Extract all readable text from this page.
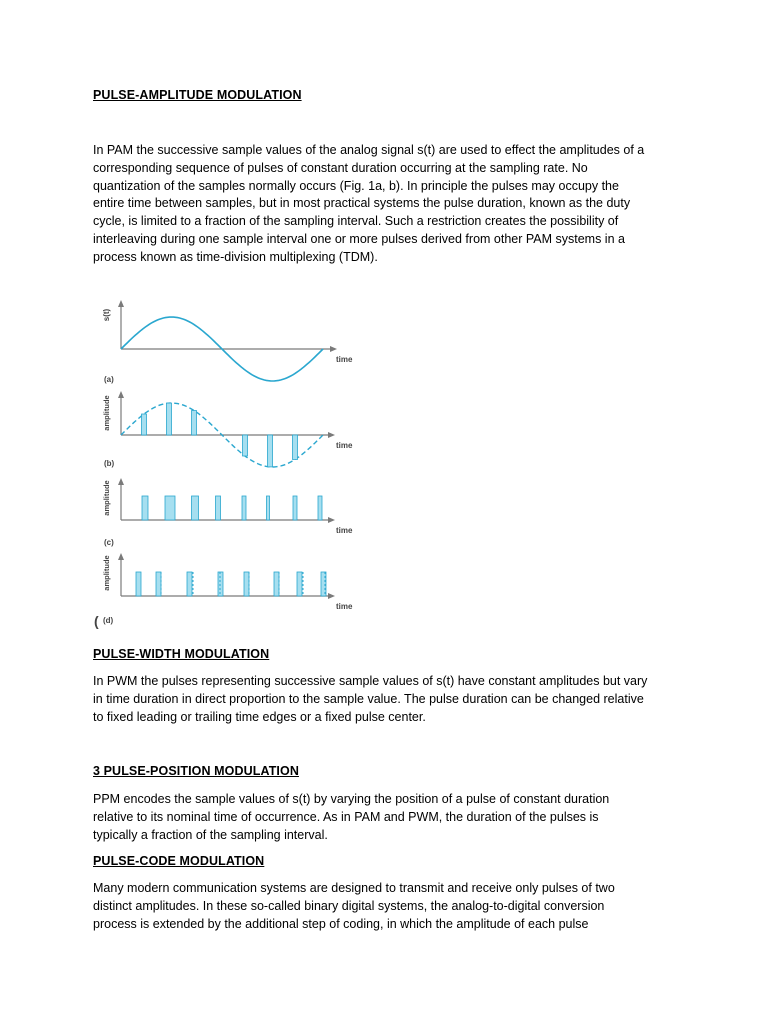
PULSE-AMPLITUDE MODULATION

In PAM the successive sample values of the analog signal s(t) are used to effect the amplitudes of a
corresponding sequence of pulses of constant duration occurring at the sampling rate. No
quantization of the samples normally occurs (Fig. 1a, b). In principle the pulses may occupy the
entire time between samples, but in most practical systems the pulse duration, known as the duty
cycle, is limited to a fraction of the sampling interval. Such a restriction creates the possibility of
interleaving during one sample interval one or more pulses derived from other PAM systems in a
process known as time-division multiplexing (TDM).
s(t)
time
(a)
amplitude
time
(b)
amplitude
time
(c)
amplitude
time
( (d)

PULSE-WIDTH MODULATION

In PWM the pulses representing successive sample values of s(t) have constant amplitudes but vary
in time duration in direct proportion to the sample value. The pulse duration can be changed relative
to fixed leading or trailing time edges or a fixed pulse center.

3 PULSE-POSITION MODULATION

PPM encodes the sample values of s(t) by varying the position of a pulse of constant duration
relative to its nominal time of occurrence. As in PAM and PWM, the duration of the pulses is
typically a fraction of the sampling interval.

PULSE-CODE MODULATION

Many modern communication systems are designed to transmit and receive only pulses of two
distinct amplitudes. In these so-called binary digital systems, the analog-to-digital conversion
process is extended by the additional step of coding, in which the amplitude of each pulse
